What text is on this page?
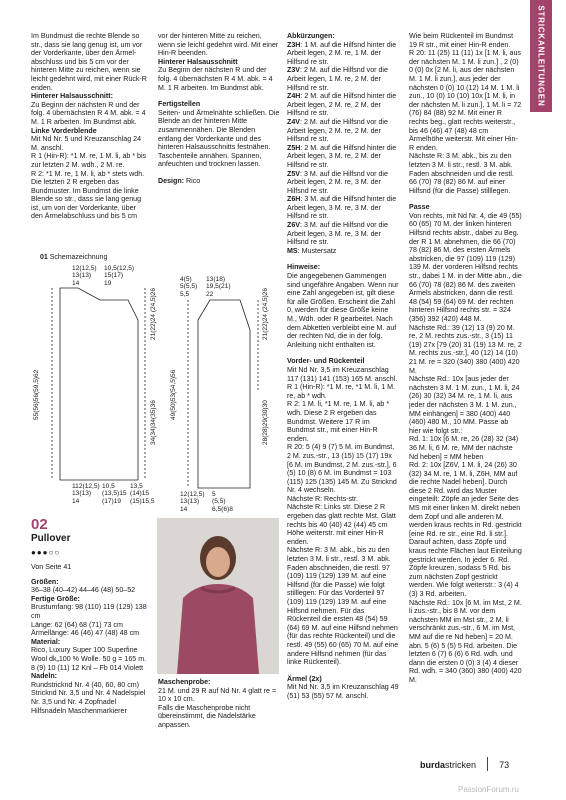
STRICKANLEITUNGEN

Im Bundmust die rechte Blende so str., dass sie lang genug ist, um vor der Vorderkante, über den Ärmel-abschluss und bis 5 cm vor der hinteren Mitte zu reichen, wenn sie leicht gedehnt wird, mit einer Rück-R enden.

Hinterer Halsausschnitt:

Zu Beginn der nächsten R und der folg. 4 übernächsten R 4 M. abk. = 4 M. 1 R arbeiten. Im Bundmst abk.

Linke Vorderblende

Mit Nd Nr. 5 und Kreuzanschlag 24 M. anschl.

R 1 (Hin-R): *1 M. re, 1 M. li, ab * bis zur letzten 2 M. wdh., 2 M. re.

R 2: *1 M. re, 1 M. li, ab * stets wdh. Die letzten 2 R ergeben das Bundmuster. Im Bundmst die linke Blende so str., dass sie lang genug ist, um von der Vorderkante, über den Ärmelabschluss und bis 5 cm

vor der hinteren Mitte zu reichen, wenn sie leicht gedehnt wird. Mit einer Hin-R beenden.

Hinterer Halsausschnitt

Zu Beginn der nächsten R und der folg. 4 übernächsten R 4 M. abk. = 4 M. 1 R arbeiten. Im Bundmst abk.

Fertigstellen

Seiten- und Ärmelnähte schließen. Die Blende an der hinteren Mitte zusammennähen. Die Blenden entlang der Vorderkante und des hinteren Halsausschnitts festnähen. Taschenteile annähen. Spannen, anfeuchten und trocknen lassen.

Design: Rico

01 Schemazeichnung
12(12,5)
13(13)
14
10,5(12,5)
15(17)
19
55(56)56(59,5)62
21(22)24 (24,5)26
34(34)34(35)36
112(12,5)
13(13)
14
10,5
(13,5)15
(17)19
13,5
(14)15
(15)15,5
4(5)
5(5,5)
5,5
13(18)
19,5(21)
22
49(50)53(54,5)56
21(22)24 (24,5)26
28(28)29(30)30
12(12,5)
13(13)
14
5
(5,5)
6,5(6)8
02
Pullover
●●●○○

Von Seite 41

Größen:

36–38 (40–42) 44–46 (48) 50–52

Fertige Größe:

Brustumfang: 98 (110) 119 (129) 138 cm

Länge: 62 (64) 68 (71) 73 cm

Ärmellänge: 46 (46) 47 (48) 48 cm

Material:

Rico, Luxury Super 100 Superfine Wool dk„100 % Wolle. 50 g = 165 m. 8 (9) 10 (11) 12 Knl – Fb 014 Violett

Nadeln:

Rundstricknd Nr. 4 (40, 60, 80 cm) Stricknd Nr. 3,5 und Nr. 4 Nadelspiel Nr. 3,5 und Nr. 4 Zopfnadel Hilfsnadeln Maschenmarkierer

Maschenprobe:
21 M. und 29 R auf Nd Nr. 4 glatt re = 10 x 10 cm.
Falls die Maschenprobe nicht übereinstimmt, die Nadelstärke anpassen.

Abkürzungen:

Z3H: 1 M. auf die Hilfsnd hinter die Arbeit legen, 2 M. re, 1 M. der Hilfsnd re str.

Z3V: 2 M. auf die Hilfsnd vor die Arbeit legen, 1 M. re, 2 M. der Hilfsnd re str.

Z4H: 2 M. auf die Hilfsnd hinter die Arbeit legen, 2 M. re, 2 M. der Hilfsnd re str.

Z4V: 2 M. auf die Hilfsnd vor die Arbeit legen, 2 M. re, 2 M. der Hilfsnd re str.

Z5H: 2 M. auf die Hilfsnd hinter die Arbeit legen, 3 M. re, 2 M. der Hilfsnd re str.

Z5V: 3 M. auf die Hilfsnd vor die Arbeit legen, 2 M. re, 3 M. der Hilfsnd re str.

Z6H: 3 M. auf die Hilfsnd hinter die Arbeit legen, 3 M. re, 3 M. der Hilfsnd re str.

Z6V: 3 M. auf die Hilfsnd vor die Arbeit legen, 3 M. re, 3 M. der Hilfsnd re str.

MS: Mustersatz

Hinweise:

Die angegebenen Garnmengen sind ungefähre Angaben. Wenn nur eine Zahl angegeben ist, gilt diese für alle Größen. Erscheint die Zahl 0, werden für diese Größe keine M., Wdh. oder R gearbeitet. Nach dem Abketten verbleibt eine M. auf der rechten Nd, die in der folg. Anleitung nicht enthalten ist.

Vorder- und Rückenteil

Mit Nd Nr. 3,5 im Kreuzanschlag 117 (131) 141 (153) 165 M. anschl.

R 1 (Hin-R): *1 M. re, *1 M. li, 1 M. re, ab * wdh.

R 2: 1 M. li, *1 M. re, 1 M. li, ab * wdh. Diese 2 R ergeben das Bundmst. Weitere 17 R im Bundmst str., mit einer Hin-R enden.

R 20: 5 (4) 9 (7) 5 M. im Bundmst, 2 M. zus.-str., 13 (15) 15 (17) 19x [6 M. im Bundmst, 2 M. zus.-str.], 6 (5) 10 (8) 6 M. im Bundmst = 103 (115) 125 (135) 145 M. Zu Stricknd Nr. 4 wechseln.

Nächste R: Rechts-str.

Nächste R: Links str. Diese 2 R ergeben das glatt rechte Mst. Glatt rechts bis 40 (40) 42 (44) 45 cm Höhe weiterstr. mit einer Hin-R enden.

Nächste R: 3 M. abk., bis zu den letzten 3 M. li str., restl. 3 M. abk. Faden abschneiden, die restl. 97 (109) 119 (129) 139 M. auf eine Hilfsnd (für die Passe) wie folgt stilllegen: Für das Vorderteil 97 (109) 119 (129) 139 M. auf eine Hilfsnd nehmen. Für das Rückenteil die ersten 48 (54) 59 (64) 69 M. auf eine Hilfsnd nehmen (für das rechte Rückenteil) und die restl. 49 (55) 60 (65) 70 M. auf eine andere Hilfsnd nehmen (für das linke Rückenteil).

Ärmel (2x)

Mit Nd Nr. 3,5 im Kreuzanschlag 49 (51) 53 (55) 57 M. anschl.

Wie beim Rückenteil im Bundmst 19 R str., mit einer Hin-R enden.

R 20: 11 (25) 11 (11) 1x [1 M. li, aus der nächsten M. 1 M. li zun.] , 2 (0) 0 (0) 0x [2 M. li, aus der nächsten M. 1 M. li zun.], aus jeder der nächsten 0 (0) 10 (12) 14 M. 1 M. li zun., 10 (0) 10 (10) 10x [1 M. li, in der nächsten M. li zun.], 1 M. li = 72 (76) 84 (88) 92 M. Mit einer R rechts beg., glatt rechts weiterstr., bis 46 (46) 47 (48) 48 cm Ärmelhöhe weiterstr. Mit einer Hin-R enden.

Nächste R: 3 M. abk., bis zu den letzten 3 M. li str., restl. 3 M. abk. Faden abschneiden und die restl. 66 (70) 78 (82) 86 M. auf einer Hilfsnd (für die Passe) stilllegen.

Passe

Von rechts, mit Nd Nr. 4, die 49 (55) 60 (65) 70 M. der linken hinteren Hilfsnd rechts abstr., dabei zu Beg. der R 1 M. abnehmen, die 66 (70) 78 (82) 86 M. des ersten Ärmels abstricken, die 97 (109) 119 (129) 139 M. der vorderen Hilfsnd rechts str., dabei 1 M. in der Mitte abn., die 66 (70) 78 (82) 86 M. des zweiten Ärmels abstricken, dann die restl. 48 (54) 59 (64) 69 M. der rechten hinteren Hilfsnd rechts str. = 324 (356) 392 (420) 448 M.

Nächste Rd.: 39 (12) 13 (9) 20 M. re, 2 M. rechts zus.-str., 3 (15) 11 (19) 27x [79 (20) 31 (19) 13 M. re, 2 M. rechts zus.-str.], 40 (12) 14 (10) 21 M. re = 320 (340) 380 (400) 420 M.

Nächste Rd.: 10x [aus jeder der nächsten 3 M. 1 M. zun., 1 M. li, 24 (26) 30 (32) 34 M. re, 1 M. li, aus jeder der nächsten 3 M. 1 M. zun., MM einhängen] = 380 (400) 440 (460) 480 M., 10 MM. Passe ab hier wie folgt str.:

Rd. 1: 10x [6 M. re, 26 (28) 32 (34) 36 M. li, 6 M. re, MM der nächste Nd heben] = MM heben

Rd. 2: 10x [Z6V, 1 M. li, 24 (26) 30 (32) 34 M. re, 1 M. li, Z6H, MM auf die rechte Nadel heben]. Durch diese 2 Rd. wird das Muster eingeteilt: Zöpfe an jeder Seite des MS mit einer linken M. direkt neben dem Zopf und alle anderen M. werden kraus rechts in Rd. gestrickt [eine Rd. re str., eine Rd. li str.]. Darauf achten, dass Zöpfe und kraus rechte Flächen laut Einteilung gestrickt werden. In jeder 6. Rd. Zöpfe kreuzen, sodass 5 Rd. bis zum nächsten Zopf gestrickt werden. Wie folgt weiterstr.: 3 (4) 4 (3) 3 Rd. arbeiten.

Nächste Rd.: 10x [6 M. im Mst, 2 M. li zus.-str., bis 8 M. vor dem nächsten MM im Mst str., 2 M. li verschränkt zus.-str., 6 M. im Mst, MM auf die re Nd heben] = 20 M. abn. 5 (6) 5 (5) 5 Rd. arbeiten. Die letzten 6 (7) 6 (6) 6 Rd. wdh. und dann die ersten 0 (0) 3 (4) 4 dieser Rd. wdh. = 340 (360) 380 (400) 420 M.

burdastricken	73
PassionForum.ru
